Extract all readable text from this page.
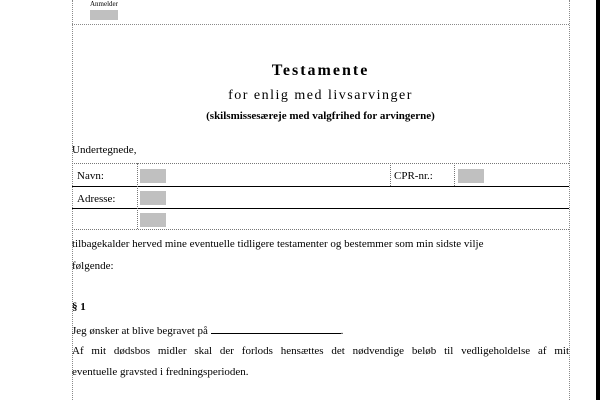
Anmelder
Testamente
for enlig med livsarvinger
(skilsmissesæreje med valgfrihed for arvingerne)
Undertegnede,
Navn:	CPR-nr.:
Adresse:
tilbagekalder herved mine eventuelle tidligere testamenter og bestemmer som min sidste vilje
følgende:
§ 1
Jeg ønsker at blive begravet på	.
Af mit dødsbos midler skal der forlods hensættes det nødvendige beløb til vedligeholdelse af mit
eventuelle gravsted i fredningsperioden.
